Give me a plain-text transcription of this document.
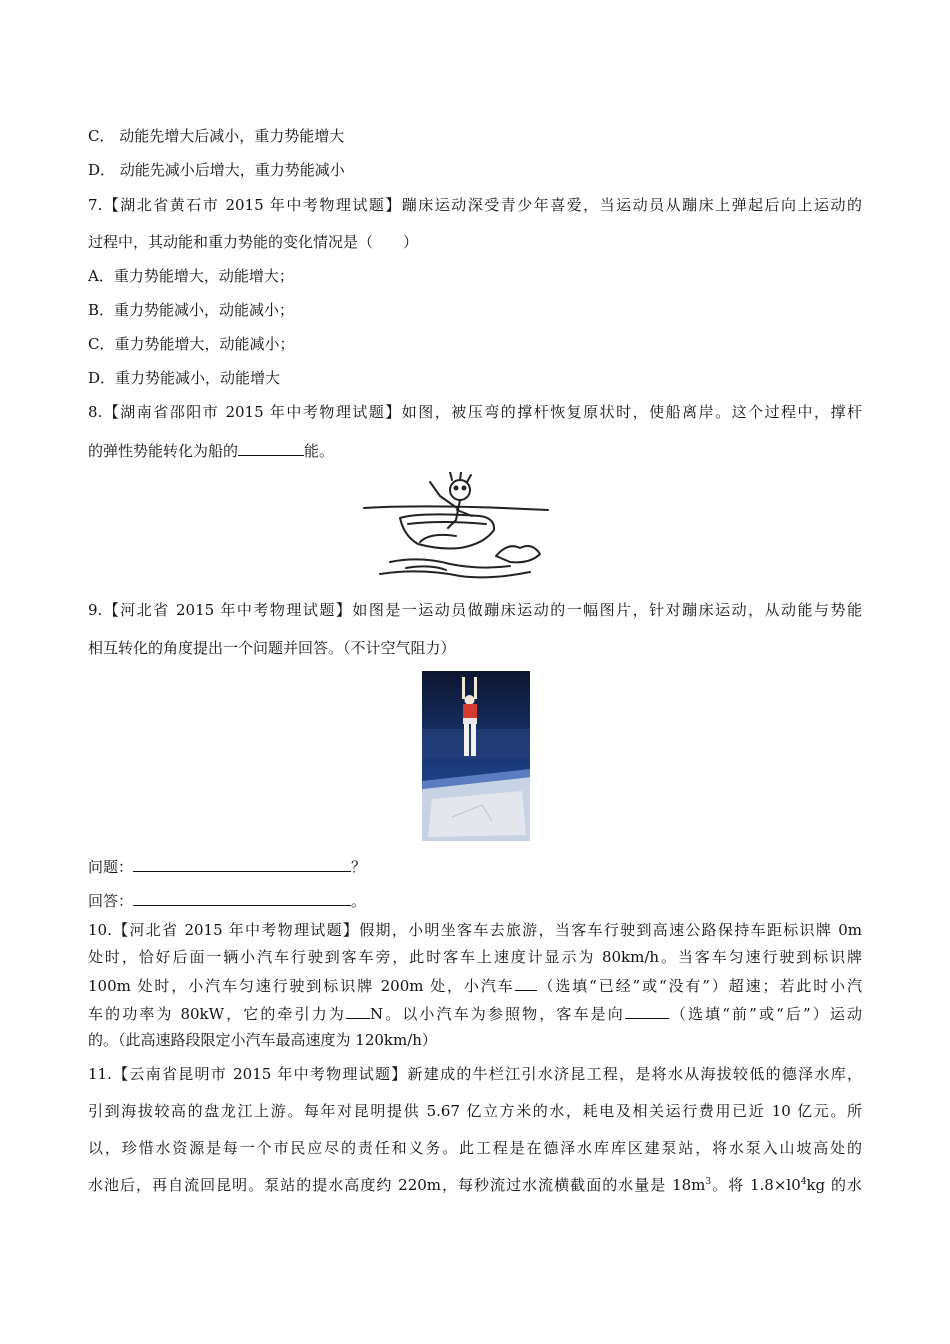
C． 动能先增大后减小，重力势能增大
D． 动能先减小后增大，重力势能减小
7.【湖北省黄石市 2015 年中考物理试题】蹦床运动深受青少年喜爱，当运动员从蹦床上弹起后向上运动的
过程中，其动能和重力势能的变化情况是（　　）
A．重力势能增大，动能增大；
B．重力势能减小，动能减小；
C．重力势能增大，动能减小；
D．重力势能减小，动能增大
8.【湖南省邵阳市 2015 年中考物理试题】如图，被压弯的撑杆恢复原状时，使船离岸。这个过程中，撑杆
的弹性势能转化为船的	能。
9.【河北省 2015 年中考物理试题】如图是一运动员做蹦床运动的一幅图片，针对蹦床运动，从动能与势能
相互转化的角度提出一个问题并回答。（不计空气阻力）
问题：	？
回答：	。
10.【河北省 2015 年中考物理试题】假期，小明坐客车去旅游，当客车行驶到高速公路保持车距标识牌 0m
处时，恰好后面一辆小汽车行驶到客车旁，此时客车上速度计显示为 80km/h。当客车匀速行驶到标识牌
100m 处时，小汽车匀速行驶到标识牌 200m 处，小汽车 （选填“已经”或“没有”）超速；若此时小汽
车的功率为 80kW，它的牵引力为 N。以小汽车为参照物，客车是向	（选填“前”或“后”）运动
的。（此高速路段限定小汽车最高速度为 120km/h）
11.【云南省昆明市 2015 年中考物理试题】新建成的牛栏江引水济昆工程，是将水从海拔较低的德泽水库，
引到海拔较高的盘龙江上游。每年对昆明提供 5.67 亿立方米的水，耗电及相关运行费用已近 10 亿元。所
以，珍惜水资源是每一个市民应尽的责任和义务。此工程是在德泽水库库区建泵站，将水泵入山坡高处的
水池后，再自流回昆明。泵站的提水高度约 220m，每秒流过水流横截面的水量是 $18m^3$。将 $1.8\times l0^4kg$ 的水
